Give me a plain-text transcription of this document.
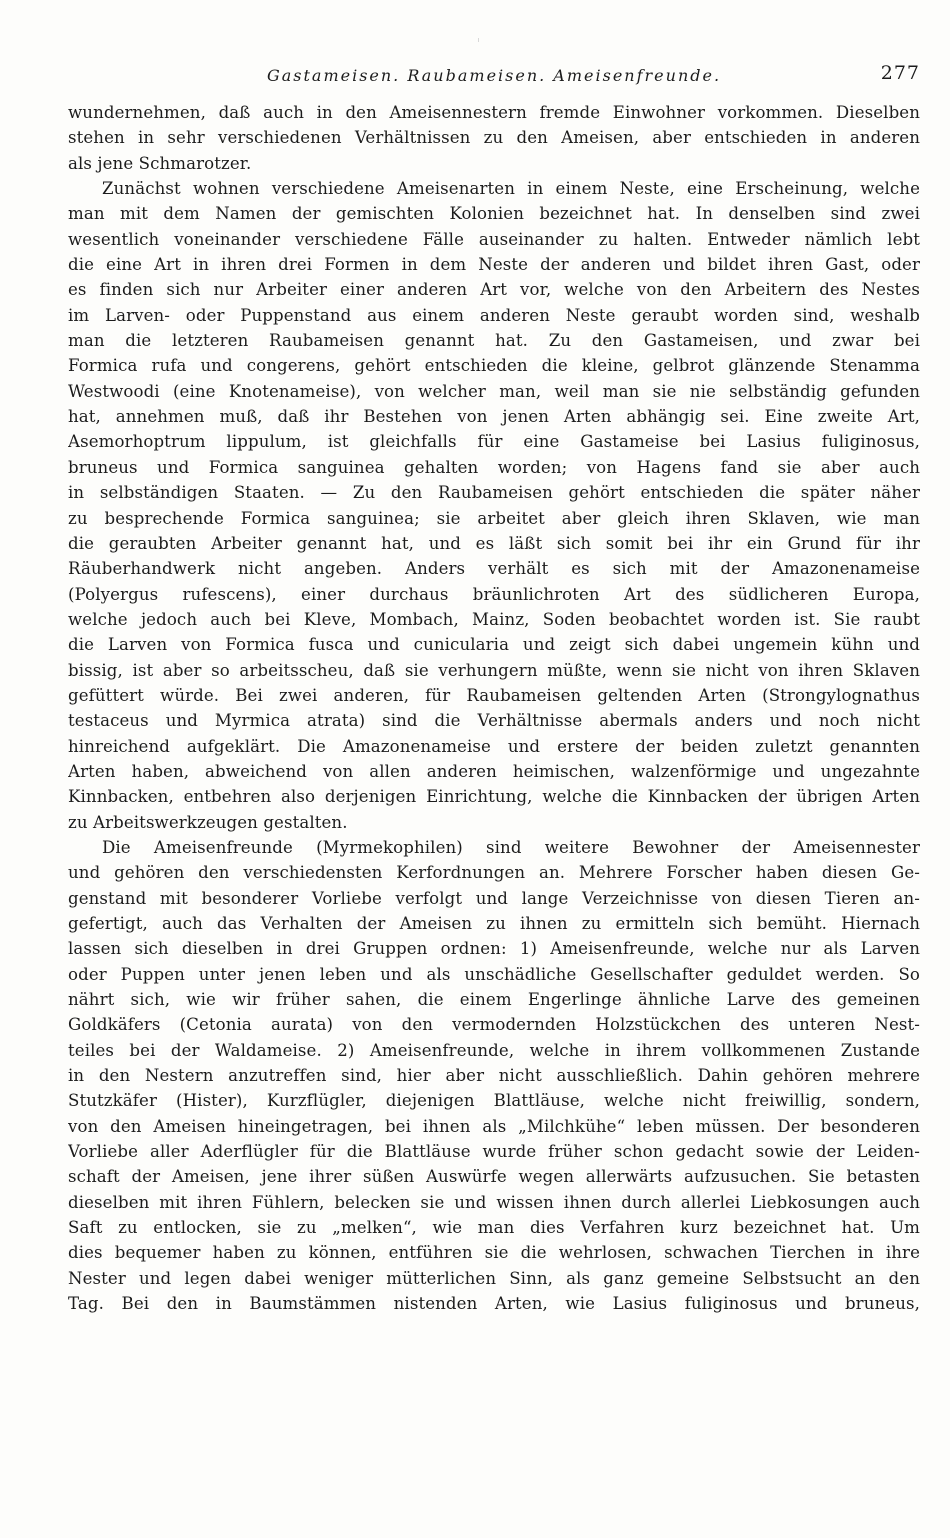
Gastameisen. Raubameisen. Ameisenfreunde.	277
wundernehmen, daß auch in den Ameisennestern fremde Einwohner vorkommen. Dieselben
stehen in sehr verschiedenen Verhältnissen zu den Ameisen, aber entschieden in anderen
als jene Schmarotzer.
Zunächst wohnen verschiedene Ameisenarten in einem Neste, eine Erscheinung, welche
man mit dem Namen der gemischten Kolonien bezeichnet hat. In denselben sind zwei
wesentlich voneinander verschiedene Fälle auseinander zu halten. Entweder nämlich lebt
die eine Art in ihren drei Formen in dem Neste der anderen und bildet ihren Gast, oder
es finden sich nur Arbeiter einer anderen Art vor, welche von den Arbeitern des Nestes
im Larven- oder Puppenstand aus einem anderen Neste geraubt worden sind, weshalb
man die letzteren Raubameisen genannt hat. Zu den Gastameisen, und zwar bei
Formica rufa und congerens, gehört entschieden die kleine, gelbrot glänzende Stenamma
Westwoodi (eine Knotenameise), von welcher man, weil man sie nie selbständig gefunden
hat, annehmen muß, daß ihr Bestehen von jenen Arten abhängig sei. Eine zweite Art,
Asemorhoptrum lippulum, ist gleichfalls für eine Gastameise bei Lasius fuliginosus,
bruneus und Formica sanguinea gehalten worden; von Hagens fand sie aber auch
in selbständigen Staaten. — Zu den Raubameisen gehört entschieden die später näher
zu besprechende Formica sanguinea; sie arbeitet aber gleich ihren Sklaven, wie man
die geraubten Arbeiter genannt hat, und es läßt sich somit bei ihr ein Grund für ihr
Räuberhandwerk nicht angeben. Anders verhält es sich mit der Amazonenameise
(Polyergus rufescens), einer durchaus bräunlichroten Art des südlicheren Europa,
welche jedoch auch bei Kleve, Mombach, Mainz, Soden beobachtet worden ist. Sie raubt
die Larven von Formica fusca und cunicularia und zeigt sich dabei ungemein kühn und
bissig, ist aber so arbeitsscheu, daß sie verhungern müßte, wenn sie nicht von ihren Sklaven
gefüttert würde. Bei zwei anderen, für Raubameisen geltenden Arten (Strongylognathus
testaceus und Myrmica atrata) sind die Verhältnisse abermals anders und noch nicht
hinreichend aufgeklärt. Die Amazonenameise und erstere der beiden zuletzt genannten
Arten haben, abweichend von allen anderen heimischen, walzenförmige und ungezahnte
Kinnbacken, entbehren also derjenigen Einrichtung, welche die Kinnbacken der übrigen Arten
zu Arbeitswerkzeugen gestalten.
Die Ameisenfreunde (Myrmekophilen) sind weitere Bewohner der Ameisennester
und gehören den verschiedensten Kerfordnungen an. Mehrere Forscher haben diesen Ge-
genstand mit besonderer Vorliebe verfolgt und lange Verzeichnisse von diesen Tieren an-
gefertigt, auch das Verhalten der Ameisen zu ihnen zu ermitteln sich bemüht. Hiernach
lassen sich dieselben in drei Gruppen ordnen: 1) Ameisenfreunde, welche nur als Larven
oder Puppen unter jenen leben und als unschädliche Gesellschafter geduldet werden. So
nährt sich, wie wir früher sahen, die einem Engerlinge ähnliche Larve des gemeinen
Goldkäfers (Cetonia aurata) von den vermodernden Holzstückchen des unteren Nest-
teiles bei der Waldameise. 2) Ameisenfreunde, welche in ihrem vollkommenen Zustande
in den Nestern anzutreffen sind, hier aber nicht ausschließlich. Dahin gehören mehrere
Stutzkäfer (Hister), Kurzflügler, diejenigen Blattläuse, welche nicht freiwillig, sondern,
von den Ameisen hineingetragen, bei ihnen als „Milchkühe“ leben müssen. Der besonderen
Vorliebe aller Aderflügler für die Blattläuse wurde früher schon gedacht sowie der Leiden-
schaft der Ameisen, jene ihrer süßen Auswürfe wegen allerwärts aufzusuchen. Sie betasten
dieselben mit ihren Fühlern, belecken sie und wissen ihnen durch allerlei Liebkosungen auch
Saft zu entlocken, sie zu „melken“, wie man dies Verfahren kurz bezeichnet hat. Um
dies bequemer haben zu können, entführen sie die wehrlosen, schwachen Tierchen in ihre
Nester und legen dabei weniger mütterlichen Sinn, als ganz gemeine Selbstsucht an den
Tag. Bei den in Baumstämmen nistenden Arten, wie Lasius fuliginosus und bruneus,
